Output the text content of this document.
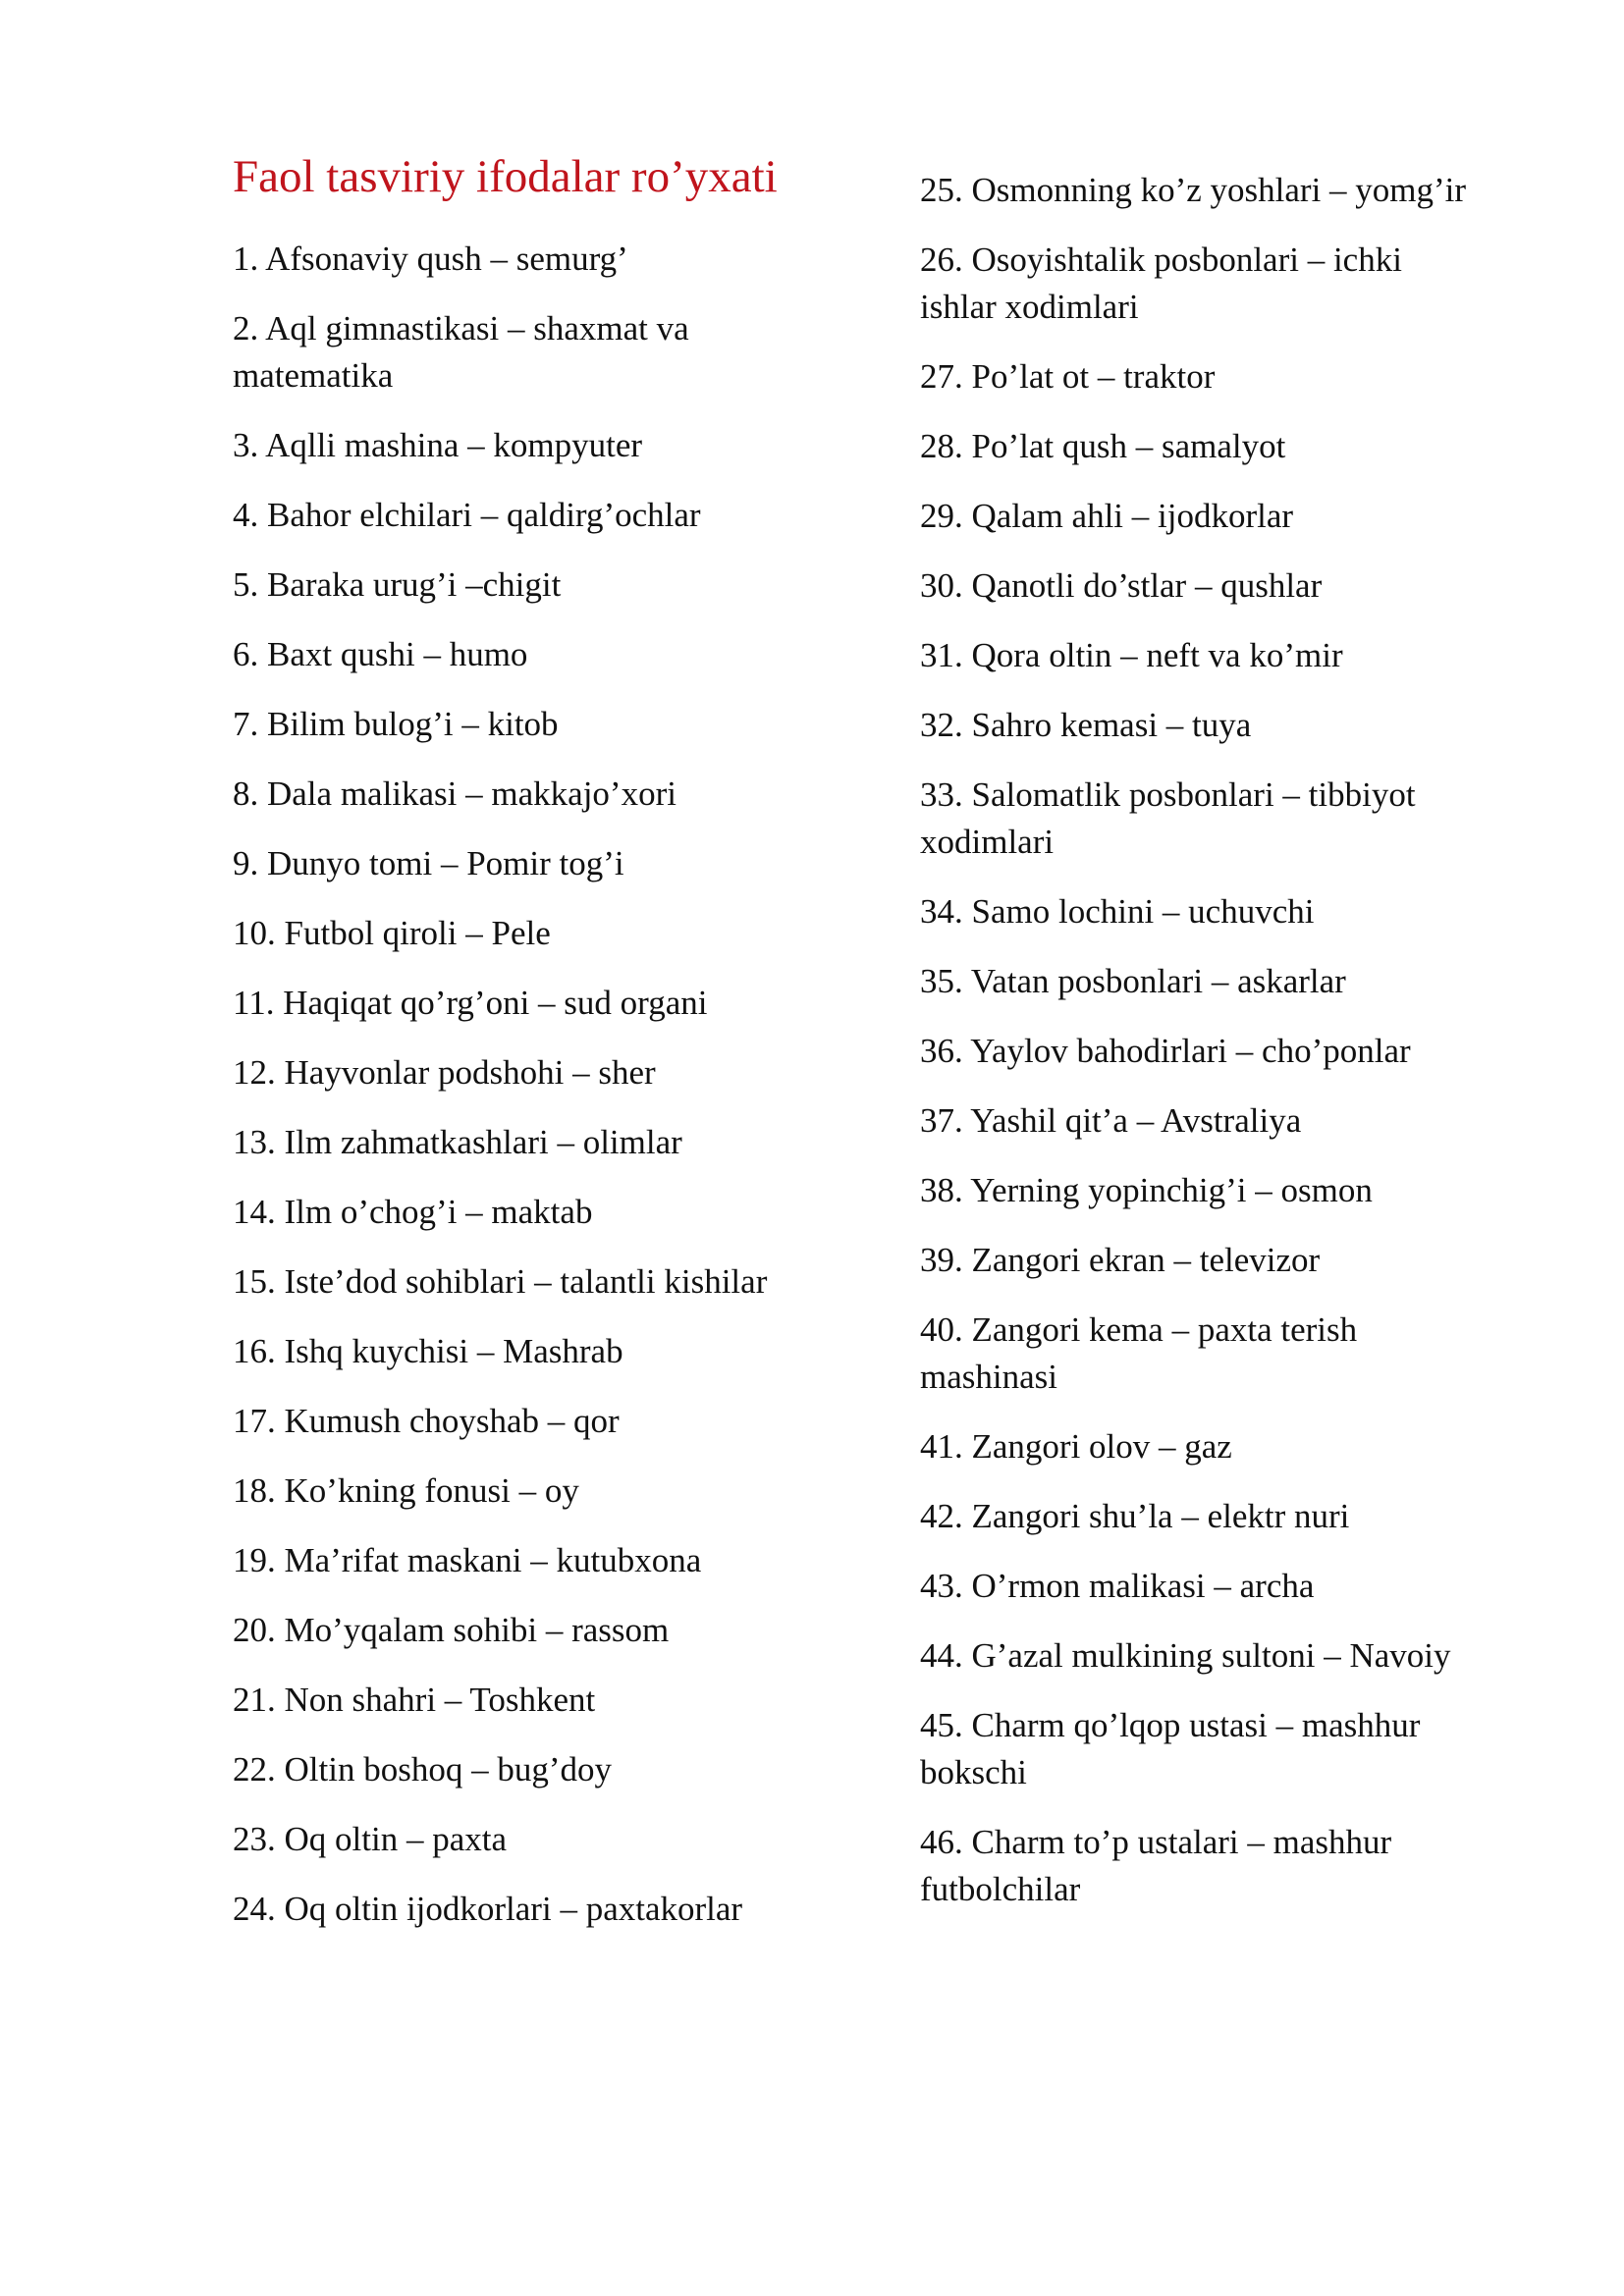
Faol tasviriy ifodalar ro’yxati
1. Afsonaviy qush – semurg’
2. Aql gimnastikasi – shaxmat va matematika
3. Aqlli mashina – kompyuter
4. Bahor elchilari – qaldirg’ochlar
5. Baraka urug’i –chigit
6. Baxt qushi – humo
7. Bilim bulog’i – kitob
8. Dala malikasi – makkajo’xori
9. Dunyo tomi – Pomir tog’i
10. Futbol qiroli – Pele
11. Haqiqat qo’rg’oni – sud organi
12. Hayvonlar podshohi – sher
13. Ilm zahmatkashlari – olimlar
14. Ilm o’chog’i – maktab
15. Iste’dod sohiblari – talantli kishilar
16. Ishq kuychisi – Mashrab
17. Kumush choyshab – qor
18. Ko’kning fonusi – oy
19. Ma’rifat maskani – kutubxona
20. Mo’yqalam sohibi – rassom
21. Non shahri – Toshkent
22. Oltin boshoq – bug’doy
23. Oq oltin – paxta
24. Oq oltin ijodkorlari – paxtakorlar
25. Osmonning ko’z yoshlari – yomg’ir
26. Osoyishtalik posbonlari – ichki ishlar xodimlari
27. Po’lat ot – traktor
28. Po’lat qush – samalyot
29. Qalam ahli – ijodkorlar
30. Qanotli do’stlar – qushlar
31. Qora oltin – neft va ko’mir
32. Sahro kemasi – tuya
33. Salomatlik posbonlari – tibbiyot xodimlari
34. Samo lochini – uchuvchi
35. Vatan posbonlari – askarlar
36. Yaylov bahodirlari – cho’ponlar
37. Yashil qit’a – Avstraliya
38. Yerning yopinchig’i – osmon
39. Zangori ekran – televizor
40. Zangori kema – paxta terish mashinasi
41. Zangori olov – gaz
42. Zangori shu’la – elektr nuri
43. O’rmon malikasi – archa
44. G’azal mulkining sultoni – Navoiy
45. Charm qo’lqop ustasi – mashhur bokschi
46. Charm to’p ustalari – mashhur futbolchilar
